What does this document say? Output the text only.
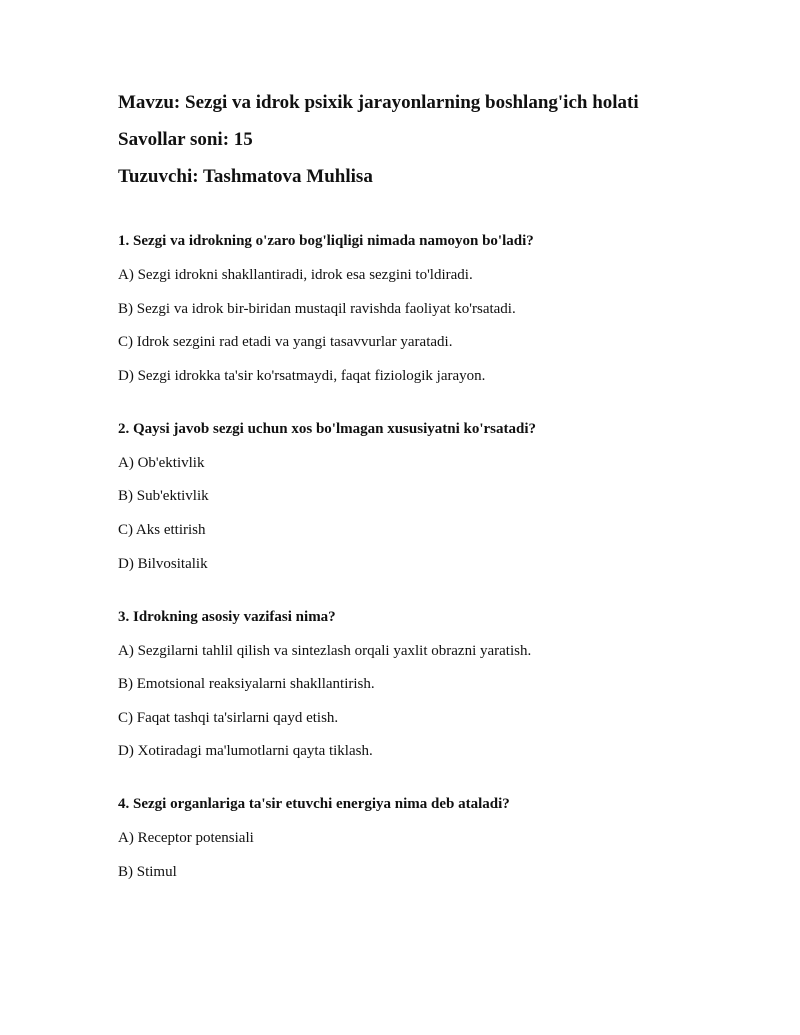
Mavzu: Sezgi va idrok psixik jarayonlarning boshlang'ich holati
Savollar soni: 15
Tuzuvchi: Tashmatova Muhlisa
1. Sezgi va idrokning o'zaro bog'liqligi nimada namoyon bo'ladi?
A) Sezgi idrokni shakllantiradi, idrok esa sezgini to'ldiradi.
B) Sezgi va idrok bir-biridan mustaqil ravishda faoliyat ko'rsatadi.
C) Idrok sezgini rad etadi va yangi tasavvurlar yaratadi.
D) Sezgi idrokka ta'sir ko'rsatmaydi, faqat fiziologik jarayon.
2. Qaysi javob sezgi uchun xos bo'lmagan xususiyatni ko'rsatadi?
A) Ob'ektivlik
B) Sub'ektivlik
C) Aks ettirish
D) Bilvositalik
3. Idrokning asosiy vazifasi nima?
A) Sezgilarni tahlil qilish va sintezlash orqali yaxlit obrazni yaratish.
B) Emotsional reaksiyalarni shakllantirish.
C) Faqat tashqi ta'sirlarni qayd etish.
D) Xotiradagi ma'lumotlarni qayta tiklash.
4. Sezgi organlariga ta'sir etuvchi energiya nima deb ataladi?
A) Receptor potensiali
B) Stimul
